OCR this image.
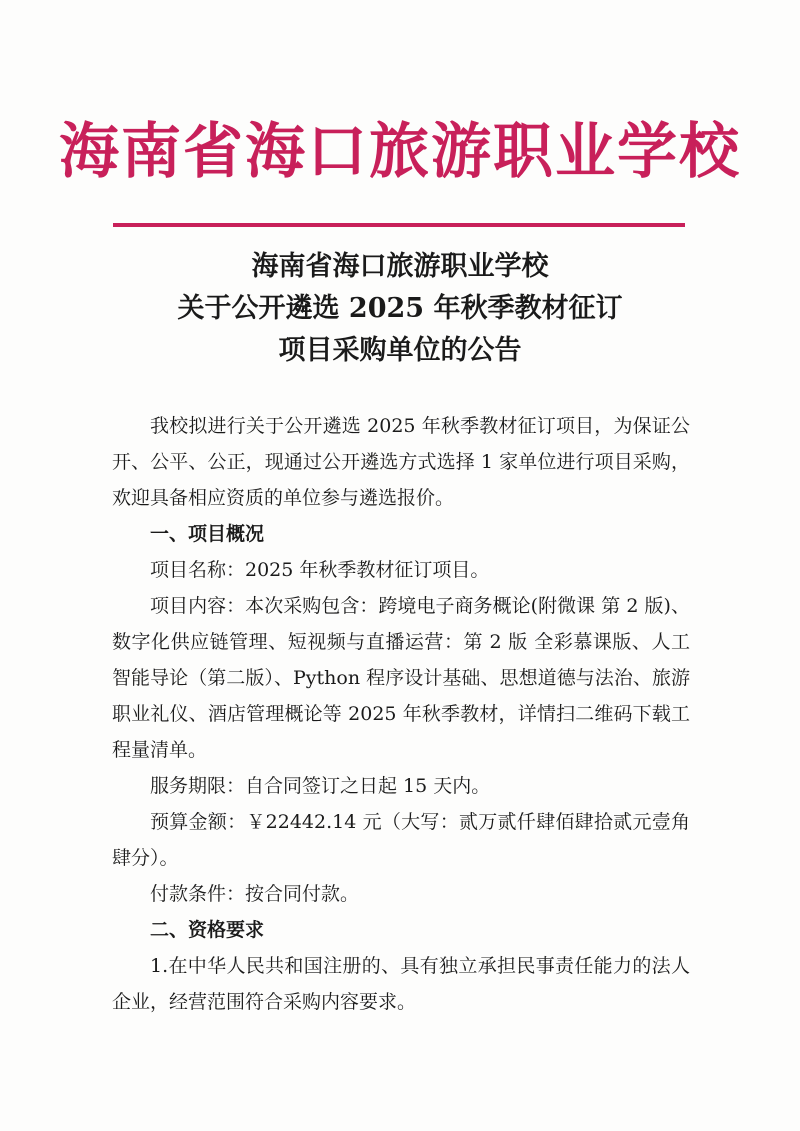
海南省海口旅游职业学校
海南省海口旅游职业学校
关于公开遴选 2025 年秋季教材征订
项目采购单位的公告

我校拟进行关于公开遴选 2025 年秋季教材征订项目，为保证公开、公平、公正，现通过公开遴选方式选择 1 家单位进行项目采购，欢迎具备相应资质的单位参与遴选报价。

一、项目概况

项目名称：2025 年秋季教材征订项目。

项目内容：本次采购包含：跨境电子商务概论(附微课 第 2 版)、数字化供应链管理、短视频与直播运营：第 2 版 全彩慕课版、人工智能导论（第二版）、Python 程序设计基础、思想道德与法治、旅游职业礼仪、酒店管理概论等 2025 年秋季教材，详情扫二维码下载工程量清单。

服务期限：自合同签订之日起 15 天内。

预算金额：￥22442.14 元（大写：贰万贰仟肆佰肆拾贰元壹角肆分）。

付款条件：按合同付款。

二、资格要求

1.在中华人民共和国注册的、具有独立承担民事责任能力的法人企业，经营范围符合采购内容要求。
